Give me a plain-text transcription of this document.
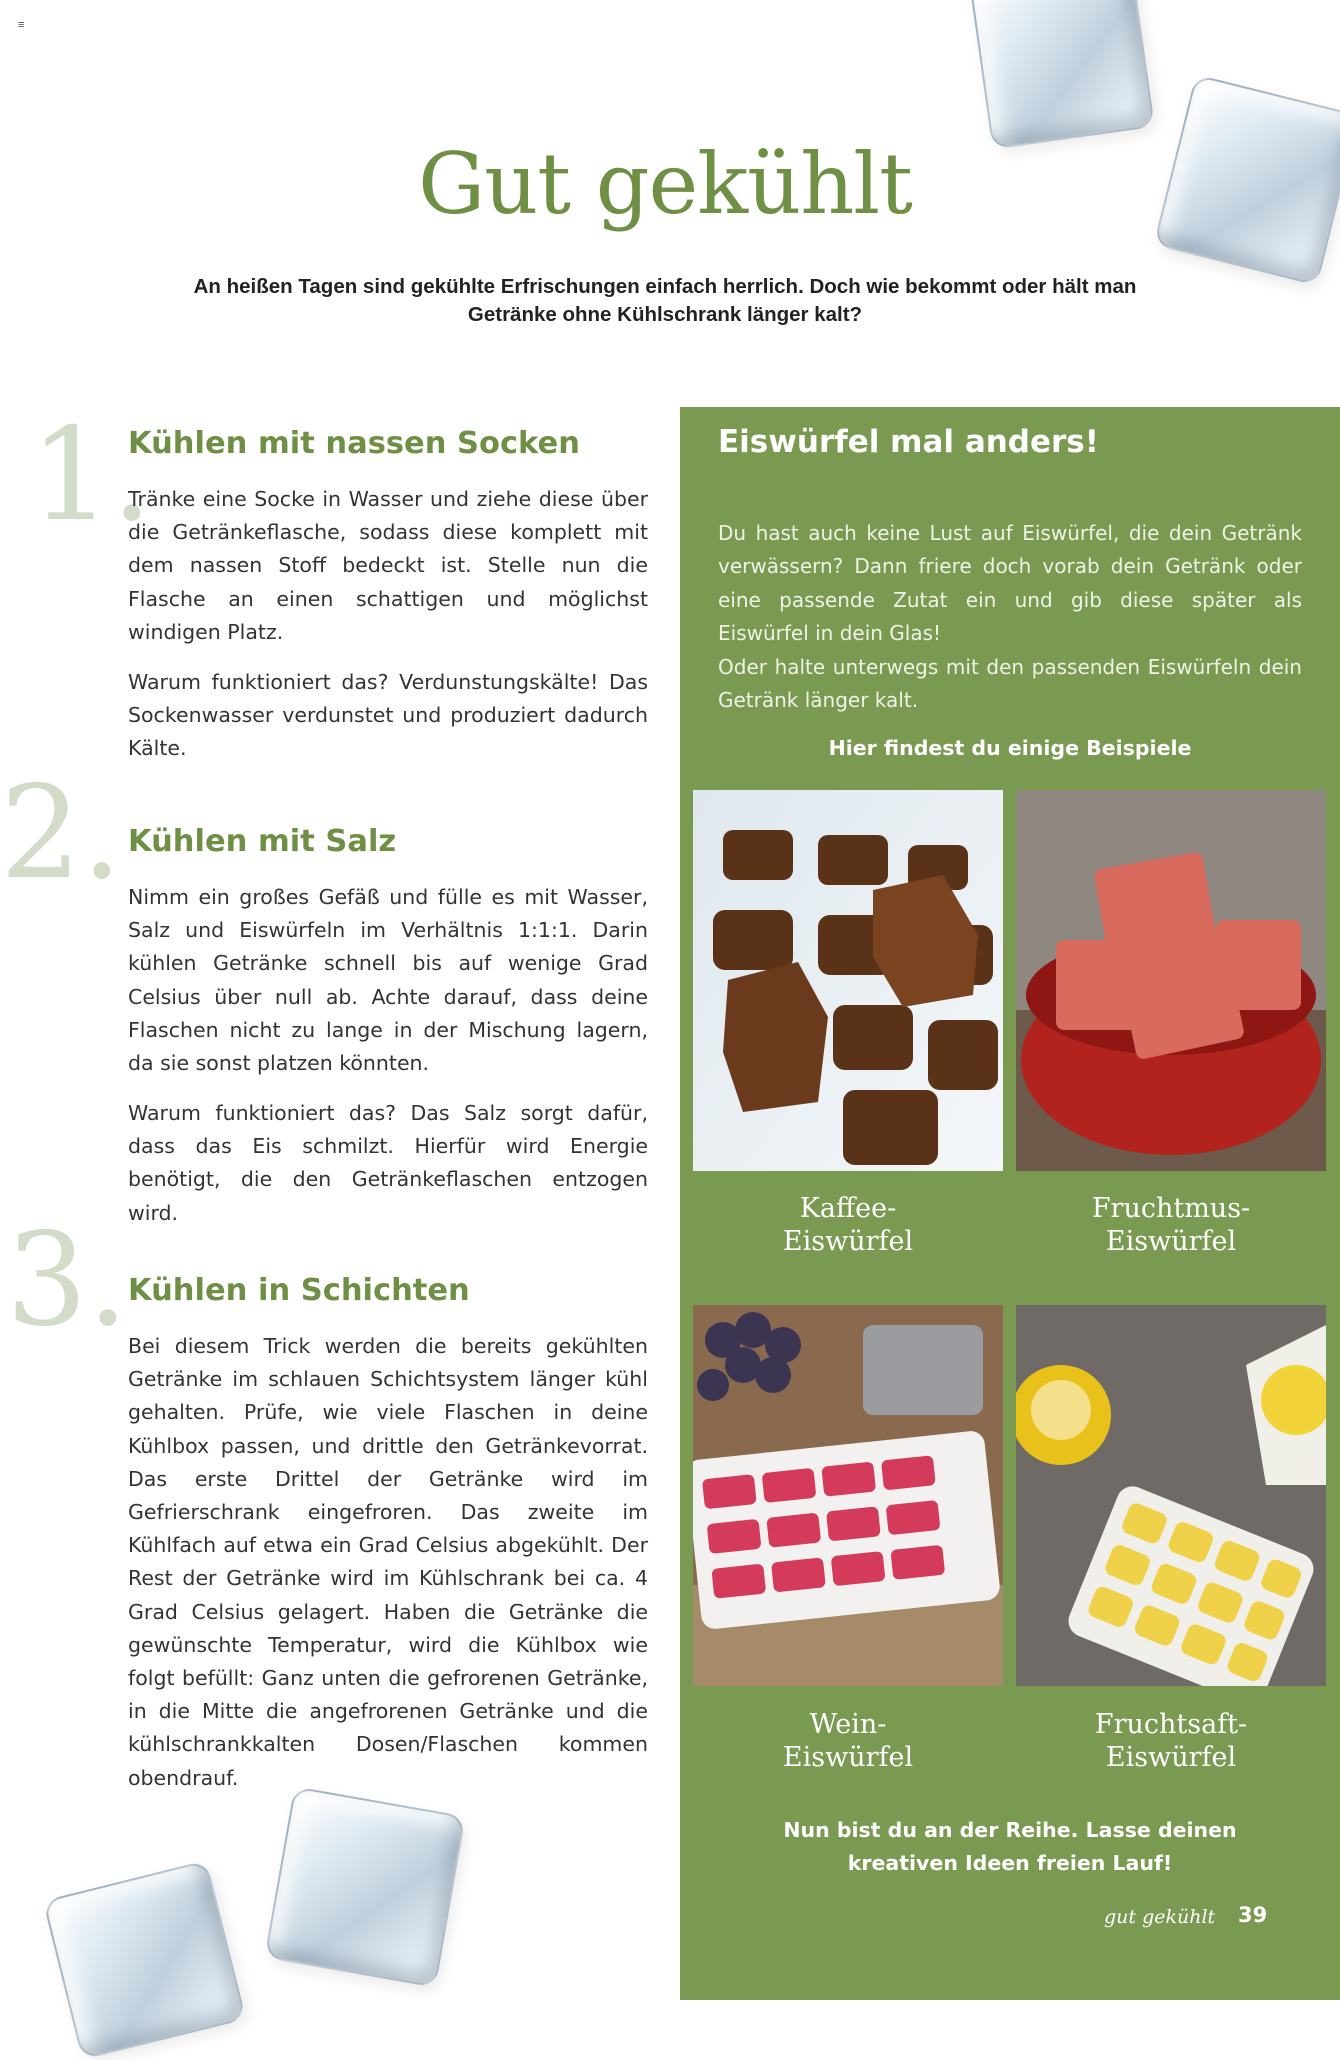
≡
Gut gekühlt
An heißen Tagen sind gekühlte Erfrischungen einfach herrlich. Doch wie bekommt oder hält man
Getränke ohne Kühlschrank länger kalt?
1.
Kühlen mit nassen Socken
Tränke eine Socke in Wasser und ziehe diese über die Getränkeflasche, sodass diese komplett mit dem nassen Stoff bedeckt ist. Stelle nun die Flasche an einen schattigen und möglichst windigen Platz.
Warum funktioniert das? Verdunstungskälte! Das Sockenwasser verdunstet und produziert dadurch Kälte.
2. Kühlen mit Salz
Nimm ein großes Gefäß und fülle es mit Wasser, Salz und Eiswürfeln im Verhältnis 1:1:1. Darin kühlen Getränke schnell bis auf wenige Grad Celsius über null ab. Achte darauf, dass deine Flaschen nicht zu lange in der Mischung lagern, da sie sonst platzen könnten.
Warum funktioniert das? Das Salz sorgt dafür, dass das Eis schmilzt. Hierfür wird Energie benötigt, die den Getränkeflaschen entzogen wird.
3. Kühlen in Schichten
Bei diesem Trick werden die bereits gekühlten Getränke im schlauen Schichtsystem länger kühl gehalten. Prüfe, wie viele Flaschen in deine Kühlbox passen, und drittle den Getränkevorrat. Das erste Drittel der Getränke wird im Gefrierschrank eingefroren. Das zweite im Kühlfach auf etwa ein Grad Celsius abgekühlt. Der Rest der Getränke wird im Kühlschrank bei ca. 4 Grad Celsius gelagert. Haben die Getränke die gewünschte Temperatur, wird die Kühlbox wie folgt befüllt: Ganz unten die gefrorenen Getränke, in die Mitte die angefrorenen Getränke und die kühlschrankkalten Dosen/Flaschen kommen obendrauf.
Eiswürfel mal anders!
Du hast auch keine Lust auf Eiswürfel, die dein Getränk verwässern? Dann friere doch vorab dein Getränk oder eine passende Zutat ein und gib diese später als Eiswürfel in dein Glas!
Oder halte unterwegs mit den passenden Eiswürfeln dein Getränk länger kalt.
Hier findest du einige Beispiele
Kaffee-
Eiswürfel
Fruchtmus-
Eiswürfel
Wein-
Eiswürfel
Fruchtsaft-
Eiswürfel
Nun bist du an der Reihe. Lasse deinen
kreativen Ideen freien Lauf!
gut gekühlt 39
